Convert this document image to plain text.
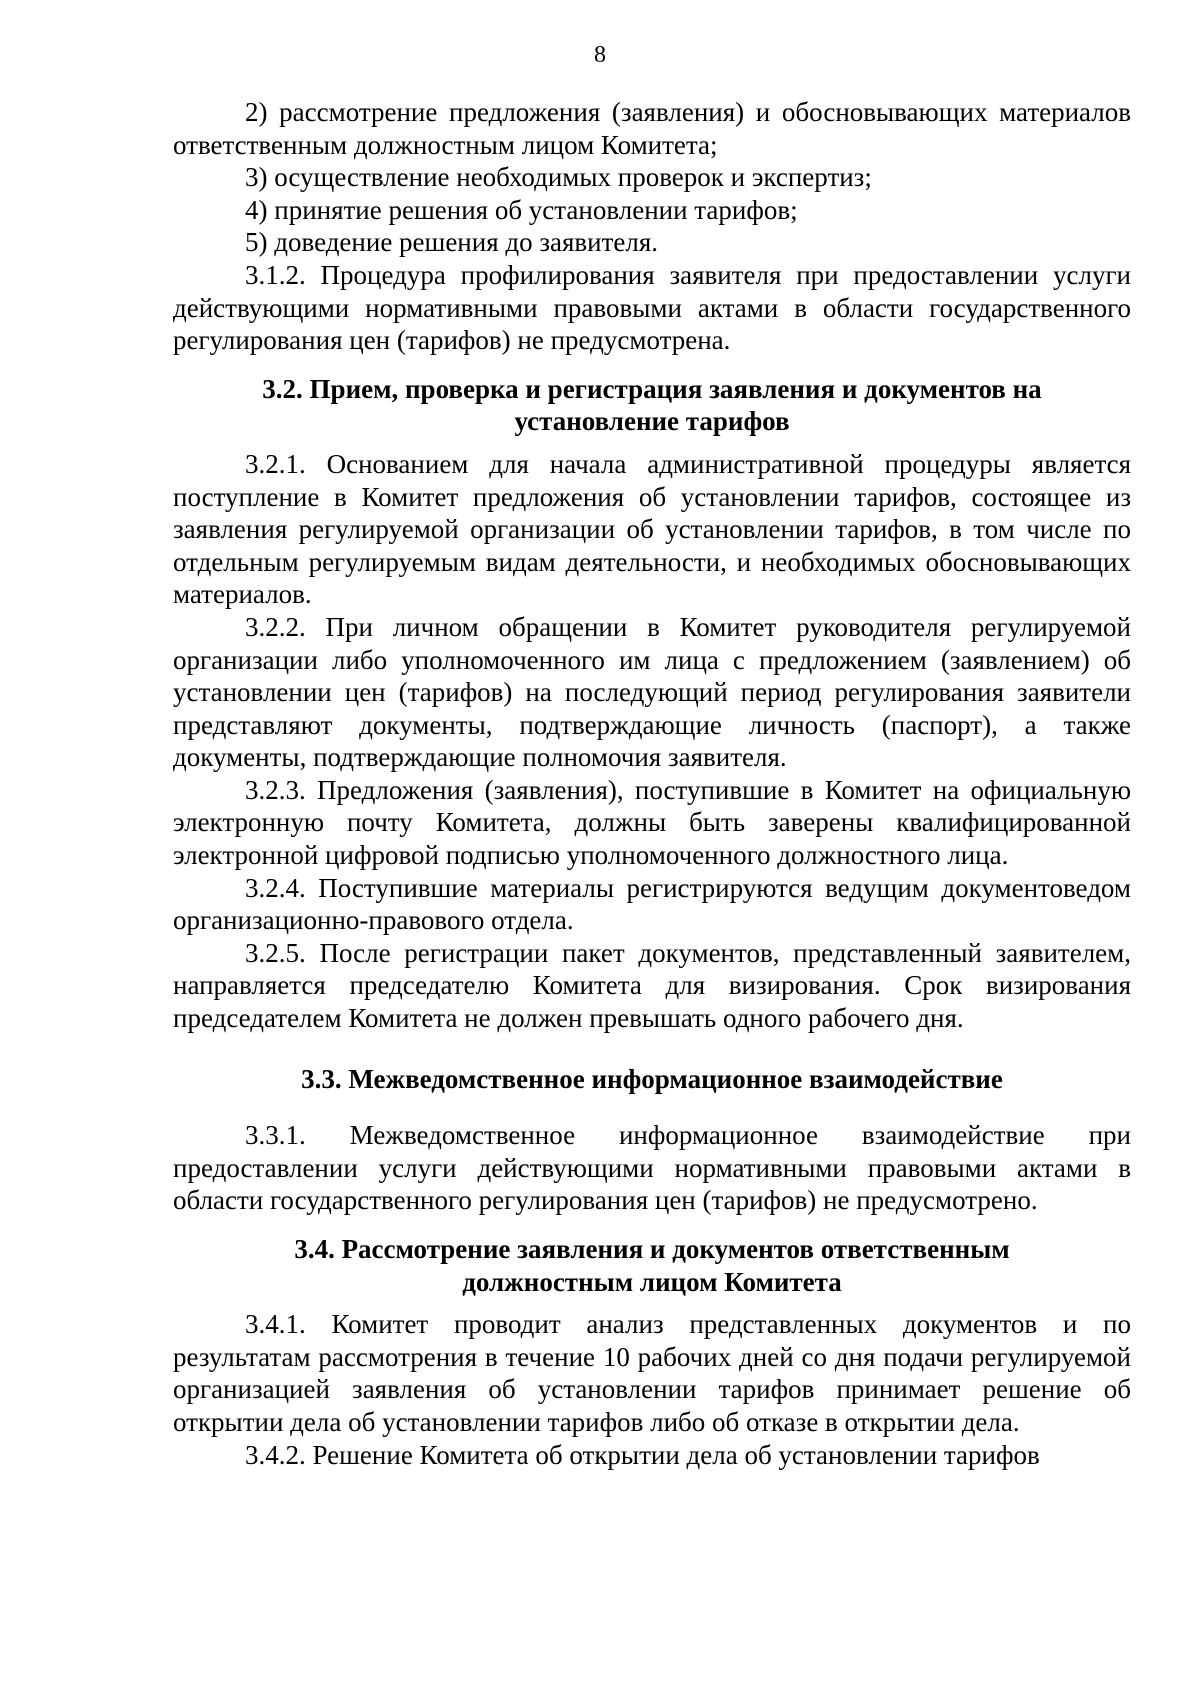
8

2) рассмотрение предложения (заявления) и обосновывающих материалов ответственным должностным лицом Комитета;

3) осуществление необходимых проверок и экспертиз;

4) принятие решения об установлении тарифов;

5) доведение решения до заявителя.

3.1.2. Процедура профилирования заявителя при предоставлении услуги действующими нормативными правовыми актами в области государственного регулирования цен (тарифов) не предусмотрена.

3.2. Прием, проверка и регистрация заявления и документов на установление тарифов

3.2.1. Основанием для начала административной процедуры является поступление в Комитет предложения об установлении тарифов, состоящее из заявления регулируемой организации об установлении тарифов, в том числе по отдельным регулируемым видам деятельности, и необходимых обосновывающих материалов.

3.2.2. При личном обращении в Комитет руководителя регулируемой организации либо уполномоченного им лица с предложением (заявлением) об установлении цен (тарифов) на последующий период регулирования заявители представляют документы, подтверждающие личность (паспорт), а также документы, подтверждающие полномочия заявителя.

3.2.3. Предложения (заявления), поступившие в Комитет на официальную электронную почту Комитета, должны быть заверены квалифицированной электронной цифровой подписью уполномоченного должностного лица.

3.2.4. Поступившие материалы регистрируются ведущим документоведом организационно-правового отдела.

3.2.5. После регистрации пакет документов, представленный заявителем, направляется председателю Комитета для визирования. Срок визирования председателем Комитета не должен превышать одного рабочего дня.

3.3. Межведомственное информационное взаимодействие

3.3.1. Межведомственное информационное взаимодействие при предоставлении услуги действующими нормативными правовыми актами в области государственного регулирования цен (тарифов) не предусмотрено.

3.4. Рассмотрение заявления и документов ответственным должностным лицом Комитета

3.4.1. Комитет проводит анализ представленных документов и по результатам рассмотрения в течение 10 рабочих дней со дня подачи регулируемой организацией заявления об установлении тарифов принимает решение об открытии дела об установлении тарифов либо об отказе в открытии дела.

3.4.2. Решение Комитета об открытии дела об установлении тарифов
